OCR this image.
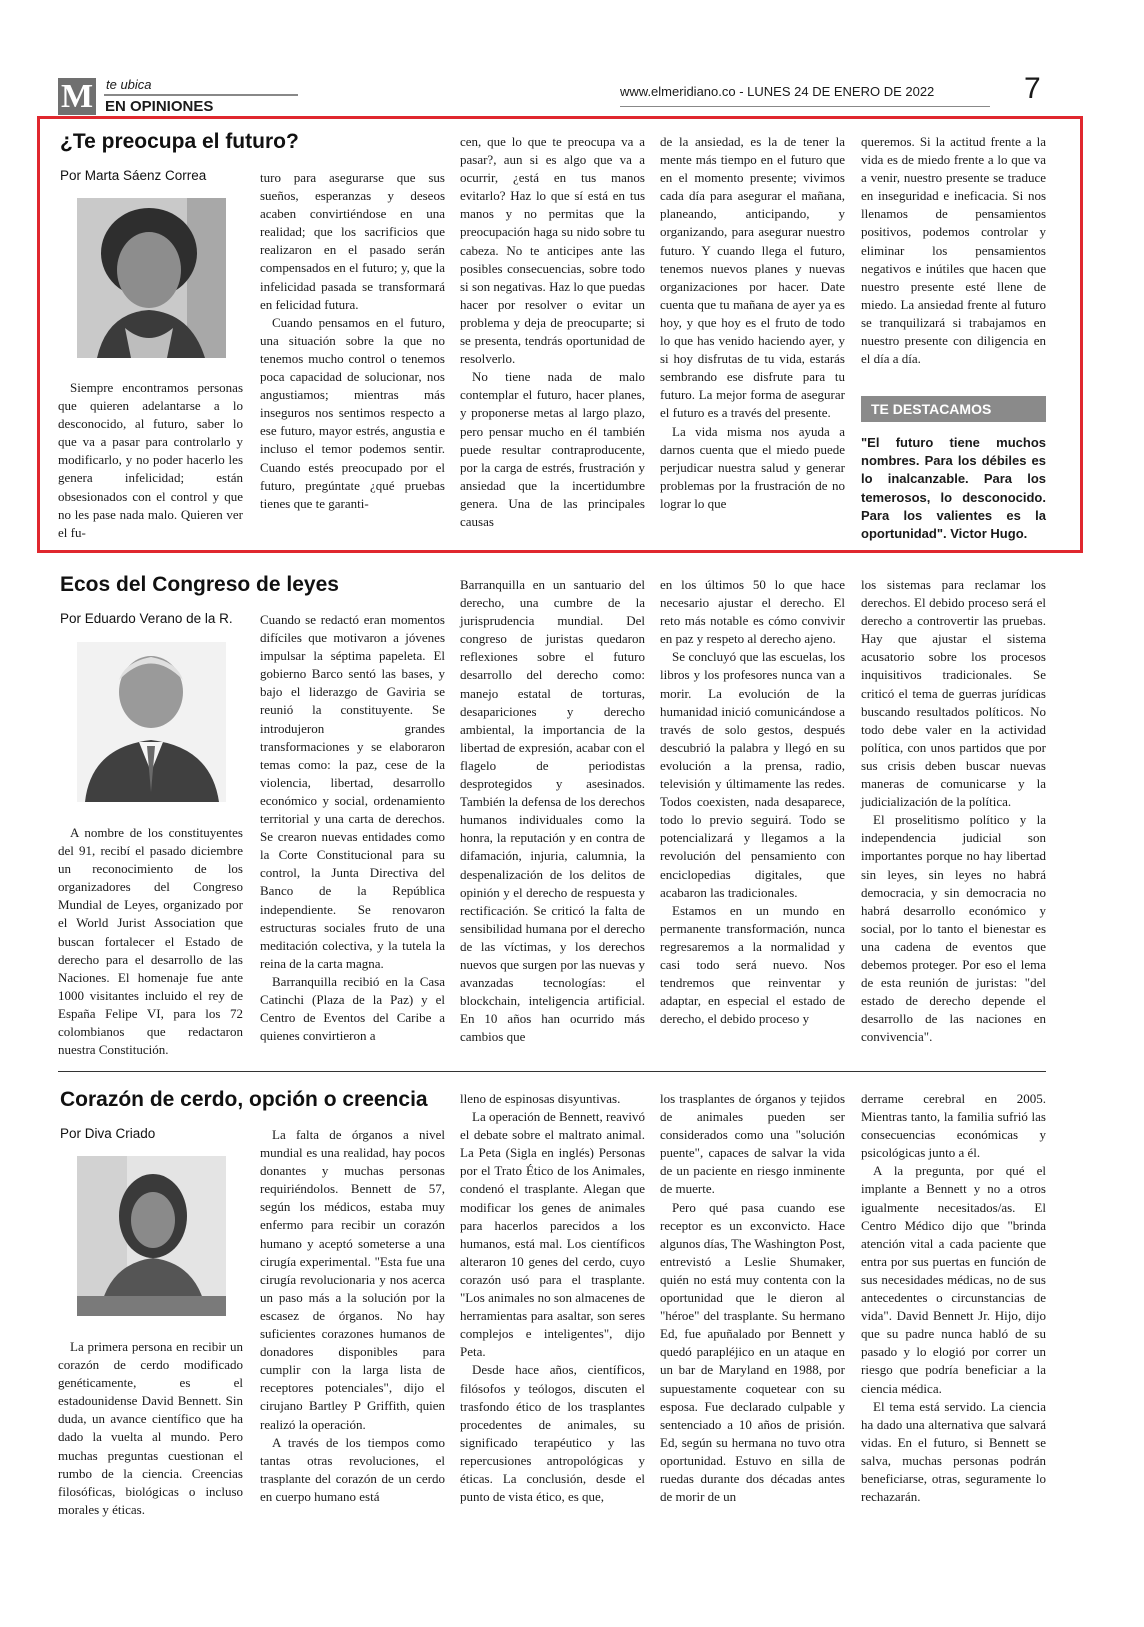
M te ubica
EN OPINIONES
www.elmeridiano.co - LUNES 24 DE ENERO DE 2022	7
¿Te preocupa el futuro?
Por Marta Sáenz Correa

Siempre encontramos personas que quieren adelantarse a lo desconocido, al futuro, saber lo que va a pasar para controlarlo y modificarlo, y no poder hacerlo les genera infelicidad; están obsesionados con el control y que no les pase nada malo. Quieren ver el fu-

turo para asegurarse que sus sueños, esperanzas y deseos acaben convirtiéndose en una realidad; que los sacrificios que realizaron en el pasado serán compensados en el futuro; y, que la infelicidad pasada se transformará en felicidad futura.

Cuando pensamos en el futuro, una situación sobre la que no tenemos mucho control o tenemos poca capacidad de solucionar, nos angustiamos; mientras más inseguros nos sentimos respecto a ese futuro, mayor estrés, angustia e incluso el temor podemos sentir. Cuando estés preocupado por el futuro, pregúntate ¿qué pruebas tienes que te garanti-

cen, que lo que te preocupa va a pasar?, aun si es algo que va a ocurrir, ¿está en tus manos evitarlo? Haz lo que sí está en tus manos y no permitas que la preocupación haga su nido sobre tu cabeza. No te anticipes ante las posibles consecuencias, sobre todo si son negativas. Haz lo que puedas hacer por resolver o evitar un problema y deja de preocuparte; si se presenta, tendrás oportunidad de resolverlo.

No tiene nada de malo contemplar el futuro, hacer planes, y proponerse metas al largo plazo, pero pensar mucho en él también puede resultar contraproducente, por la carga de estrés, frustración y ansiedad que la incertidumbre genera. Una de las principales causas

de la ansiedad, es la de tener la mente más tiempo en el futuro que en el momento presente; vivimos cada día para asegurar el mañana, planeando, anticipando, y organizando, para asegurar nuestro futuro. Y cuando llega el futuro, tenemos nuevos planes y nuevas organizaciones por hacer. Date cuenta que tu mañana de ayer ya es hoy, y que hoy es el fruto de todo lo que has venido haciendo ayer, y si hoy disfrutas de tu vida, estarás sembrando ese disfrute para tu futuro. La mejor forma de asegurar el futuro es a través del presente.

La vida misma nos ayuda a darnos cuenta que el miedo puede perjudicar nuestra salud y generar problemas por la frustración de no lograr lo que

queremos. Si la actitud frente a la vida es de miedo frente a lo que va a venir, nuestro presente se traduce en inseguridad e ineficacia. Si nos llenamos de pensamientos positivos, podemos controlar y eliminar los pensamientos negativos e inútiles que hacen que nuestro presente esté llene de miedo. La ansiedad frente al futuro se tranquilizará si trabajamos en nuestro presente con diligencia en el día a día.

TE DESTACAMOS
"El futuro tiene muchos nombres. Para los débiles es lo inalcanzable. Para los temerosos, lo desconocido. Para los valientes es la oportunidad". Victor Hugo.
Ecos del Congreso de leyes
Por Eduardo Verano de la R.

A nombre de los constituyentes del 91, recibí el pasado diciembre un reconocimiento de los organizadores del Congreso Mundial de Leyes, organizado por el World Jurist Association que buscan fortalecer el Estado de derecho para el desarrollo de las Naciones. El homenaje fue ante 1000 visitantes incluido el rey de España Felipe VI, para los 72 colombianos que redactaron nuestra Constitución.

Cuando se redactó eran momentos difíciles que motivaron a jóvenes impulsar la séptima papeleta. El gobierno Barco sentó las bases, y bajo el liderazgo de Gaviria se reunió la constituyente. Se introdujeron grandes transformaciones y se elaboraron temas como: la paz, cese de la violencia, libertad, desarrollo económico y social, ordenamiento territorial y una carta de derechos. Se crearon nuevas entidades como la Corte Constitucional para su control, la Junta Directiva del Banco de la República independiente. Se renovaron estructuras sociales fruto de una meditación colectiva, y la tutela la reina de la carta magna.

Barranquilla recibió en la Casa Catinchi (Plaza de la Paz) y el Centro de Eventos del Caribe a quienes convirtieron a

Barranquilla en un santuario del derecho, una cumbre de la jurisprudencia mundial. Del congreso de juristas quedaron reflexiones sobre el futuro desarrollo del derecho como: manejo estatal de torturas, desapariciones y derecho ambiental, la importancia de la libertad de expresión, acabar con el flagelo de periodistas desprotegidos y asesinados. También la defensa de los derechos humanos individuales como la honra, la reputación y en contra de difamación, injuria, calumnia, la despenalización de los delitos de opinión y el derecho de respuesta y rectificación. Se criticó la falta de sensibilidad humana por el derecho de las víctimas, y los derechos nuevos que surgen por las nuevas y avanzadas tecnologías: el blockchain, inteligencia artificial. En 10 años han ocurrido más cambios que

en los últimos 50 lo que hace necesario ajustar el derecho. El reto más notable es cómo convivir en paz y respeto al derecho ajeno.

Se concluyó que las escuelas, los libros y los profesores nunca van a morir. La evolución de la humanidad inició comunicándose a través de solo gestos, después descubrió la palabra y llegó en su evolución a la prensa, radio, televisión y últimamente las redes. Todos coexisten, nada desaparece, todo lo previo seguirá. Todo se potencializará y llegamos a la revolución del pensamiento con enciclopedias digitales, que acabaron las tradicionales.

Estamos en un mundo en permanente transformación, nunca regresaremos a la normalidad y casi todo será nuevo. Nos tendremos que reinventar y adaptar, en especial el estado de derecho, el debido proceso y

los sistemas para reclamar los derechos. El debido proceso será el derecho a controvertir las pruebas. Hay que ajustar el sistema acusatorio sobre los procesos inquisitivos tradicionales. Se criticó el tema de guerras jurídicas buscando resultados políticos. No todo debe valer en la actividad política, con unos partidos que por sus crisis deben buscar nuevas maneras de comunicarse y la judicialización de la política.

El proselitismo político y la independencia judicial son importantes porque no hay libertad sin leyes, sin leyes no habrá democracia, y sin democracia no habrá desarrollo económico y social, por lo tanto el bienestar es una cadena de eventos que debemos proteger. Por eso el lema de esta reunión de juristas: "del estado de derecho depende el desarrollo de las naciones en convivencia".

Corazón de cerdo, opción o creencia
Por Diva Criado

La primera persona en recibir un corazón de cerdo modificado genéticamente, es el estadounidense David Bennett. Sin duda, un avance científico que ha dado la vuelta al mundo. Pero muchas preguntas cuestionan el rumbo de la ciencia. Creencias filosóficas, biológicas o incluso morales y éticas.

La falta de órganos a nivel mundial es una realidad, hay pocos donantes y muchas personas requiriéndolos. Bennett de 57, según los médicos, estaba muy enfermo para recibir un corazón humano y aceptó someterse a una cirugía experimental. "Esta fue una cirugía revolucionaria y nos acerca un paso más a la solución por la escasez de órganos. No hay suficientes corazones humanos de donadores disponibles para cumplir con la larga lista de receptores potenciales", dijo el cirujano Bartley P Griffith, quien realizó la operación.

A través de los tiempos como tantas otras revoluciones, el trasplante del corazón de un cerdo en cuerpo humano está

lleno de espinosas disyuntivas.

La operación de Bennett, reavivó el debate sobre el maltrato animal. La Peta (Sigla en inglés) Personas por el Trato Ético de los Animales, condenó el trasplante. Alegan que modificar los genes de animales para hacerlos parecidos a los humanos, está mal. Los científicos alteraron 10 genes del cerdo, cuyo corazón usó para el trasplante. "Los animales no son almacenes de herramientas para asaltar, son seres complejos e inteligentes", dijo Peta.

Desde hace años, científicos, filósofos y teólogos, discuten el trasfondo ético de los trasplantes procedentes de animales, su significado terapéutico y las repercusiones antropológicas y éticas. La conclusión, desde el punto de vista ético, es que,

los trasplantes de órganos y tejidos de animales pueden ser considerados como una "solución puente", capaces de salvar la vida de un paciente en riesgo inminente de muerte.

Pero qué pasa cuando ese receptor es un exconvicto. Hace algunos días, The Washington Post, entrevistó a Leslie Shumaker, quién no está muy contenta con la oportunidad que le dieron al "héroe" del trasplante. Su hermano Ed, fue apuñalado por Bennett y quedó parapléjico en un ataque en un bar de Maryland en 1988, por supuestamente coquetear con su esposa. Fue declarado culpable y sentenciado a 10 años de prisión. Ed, según su hermana no tuvo otra oportunidad. Estuvo en silla de ruedas durante dos décadas antes de morir de un

derrame cerebral en 2005. Mientras tanto, la familia sufrió las consecuencias económicas y psicológicas junto a él.

A la pregunta, por qué el implante a Bennett y no a otros igualmente necesitados/as. El Centro Médico dijo que "brinda atención vital a cada paciente que entra por sus puertas en función de sus necesidades médicas, no de sus antecedentes o circunstancias de vida". David Bennett Jr. Hijo, dijo que su padre nunca habló de su pasado y lo elogió por correr un riesgo que podría beneficiar a la ciencia médica.

El tema está servido. La ciencia ha dado una alternativa que salvará vidas. En el futuro, si Bennett se salva, muchas personas podrán beneficiarse, otras, seguramente lo rechazarán.
